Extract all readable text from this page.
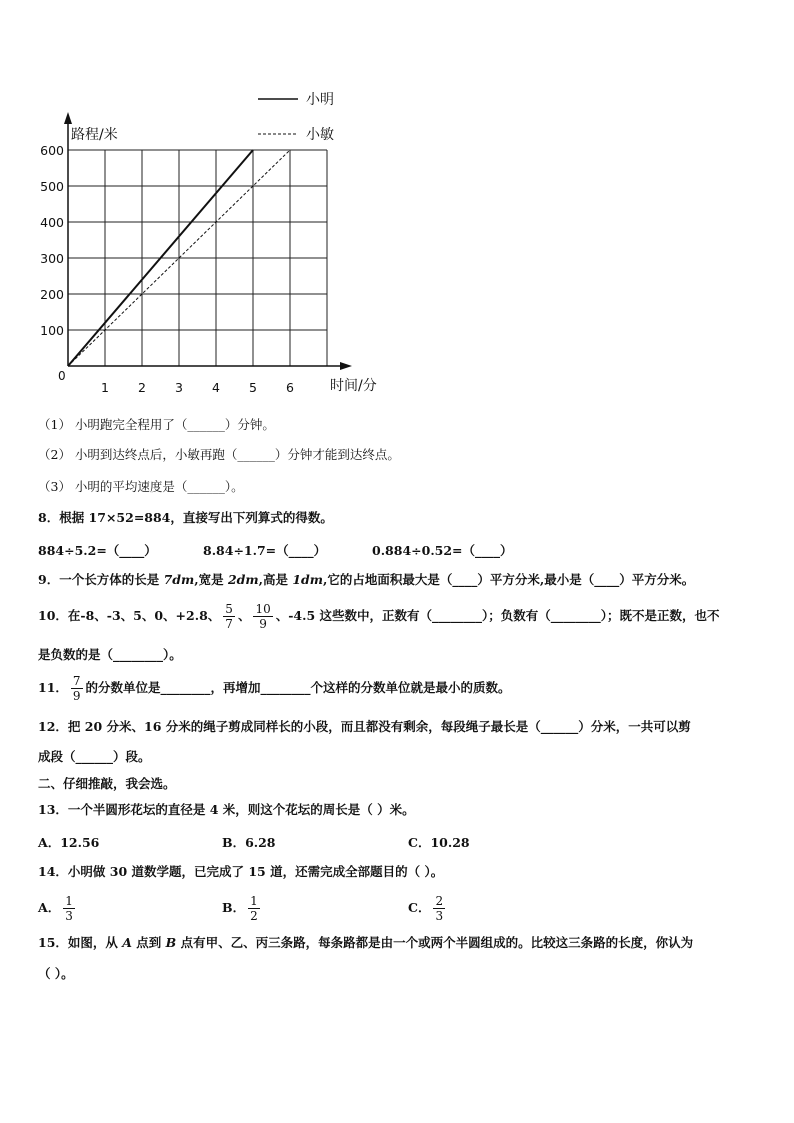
路程/米
时间/分
0
1 2 3 4 5 6
100
200
300
400
500
600
小明
小敏
（1） 小明跑完全程用了（______）分钟。
（2） 小明到达终点后，小敏再跑（______）分钟才能到达终点。
（3） 小明的平均速度是（______）。
8．根据 17×52=884，直接写出下列算式的得数。
884÷5.2=（____）	8.84÷1.7=（____）	0.884÷0.52=（____）
9．一个长方体的长是 7dm,宽是 2dm,高是 1dm,它的占地面积最大是（____）平方分米,最小是（____）平方分米。
10．在-8、-3、5、0、+2.8、 $\frac{5}{7}$ 、 $\frac{10}{9}$ 、-4.5 这些数中，正数有（________）；负数有（________）；既不是正数，也不
是负数的是（________）。
11． $\frac{7}{9}$ 的分数单位是________，再增加________个这样的分数单位就是最小的质数。
12．把 20 分米、16 分米的绳子剪成同样长的小段，而且都没有剩余，每段绳子最长是（______）分米，一共可以剪
成段（______）段。
二、仔细推敲，我会选。
13．一个半圆形花坛的直径是 4 米，则这个花坛的周长是（ ）米。
A．12.56	B．6.28	C．10.28
14．小明做 30 道数学题，已完成了 15 道，还需完成全部题目的（ ）。
A． $\frac{1}{3}$	B． $\frac{1}{2}$	C． $\frac{2}{3}$
15．如图，从 A 点到 B 点有甲、乙、丙三条路，每条路都是由一个或两个半圆组成的。比较这三条路的长度，你认为
（ ）。
